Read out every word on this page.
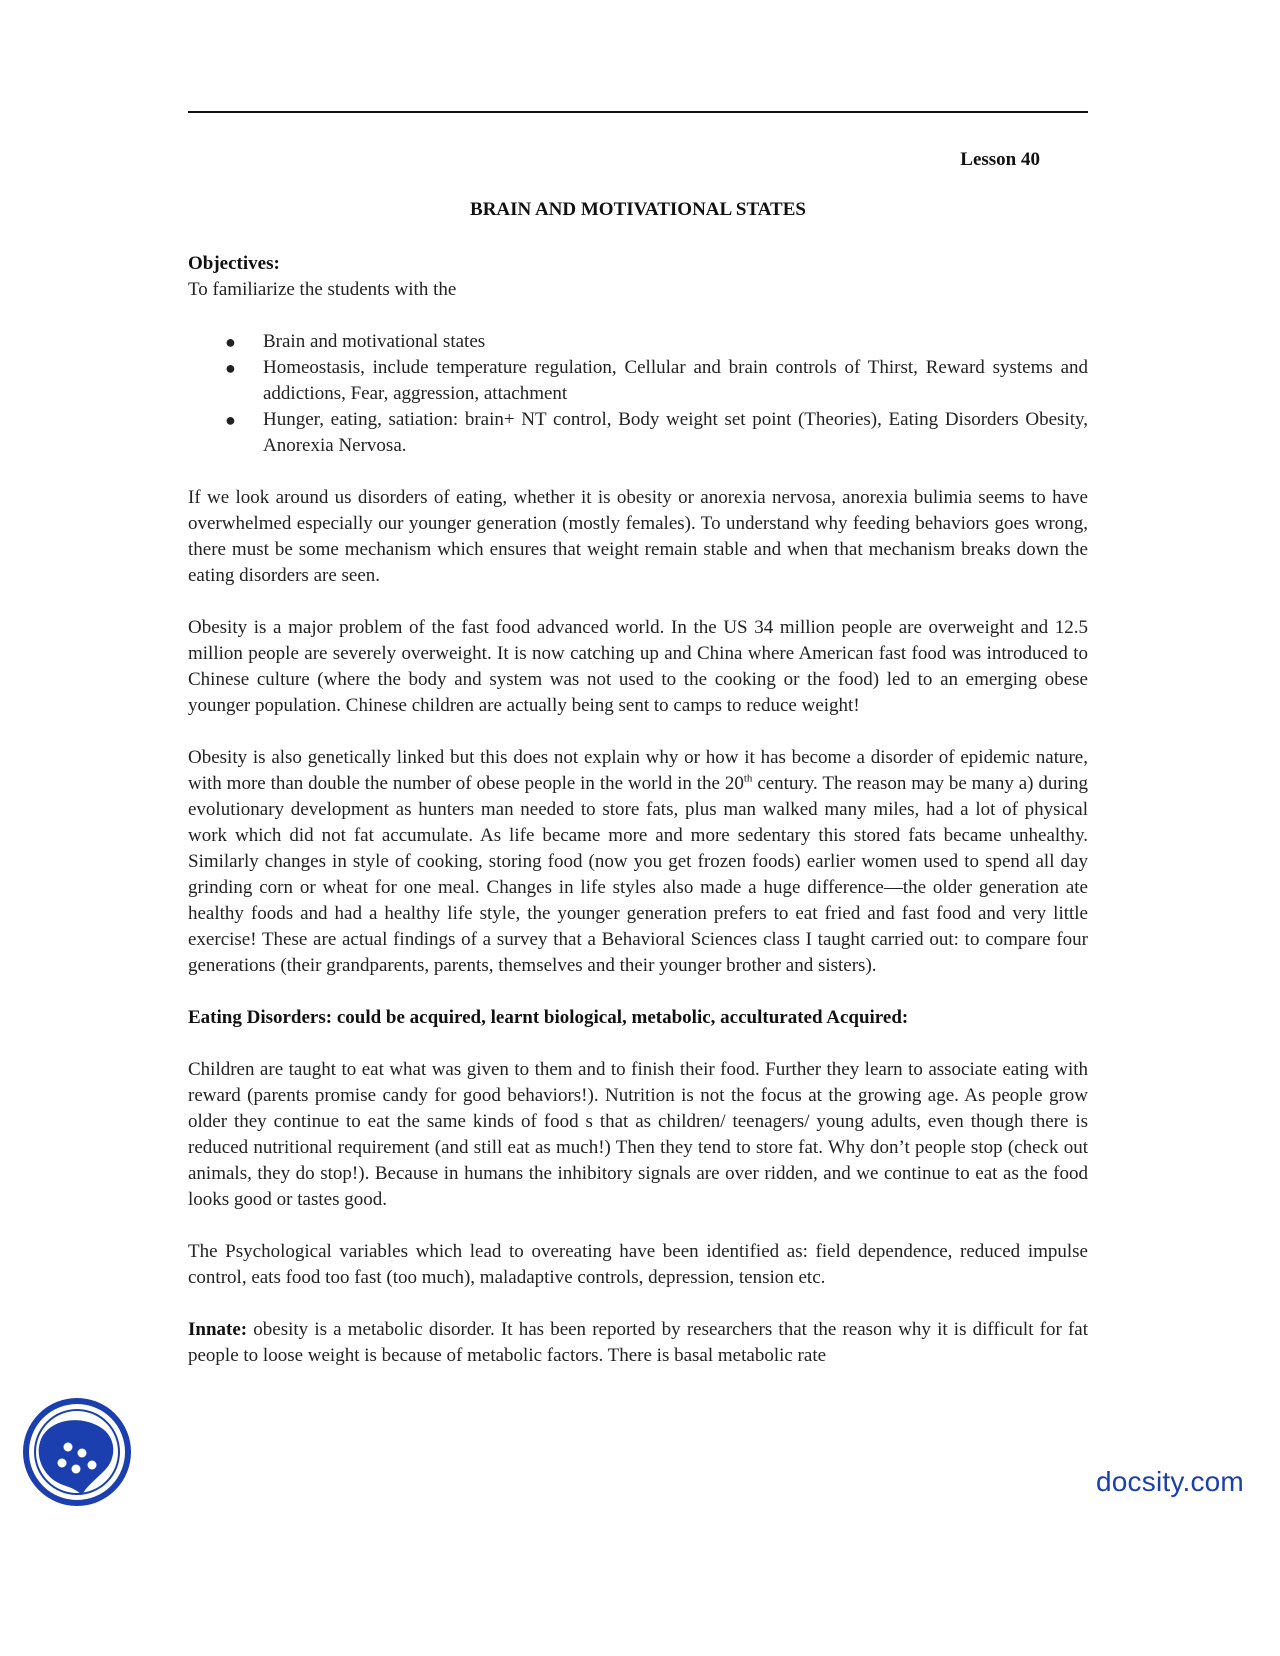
Lesson 40
BRAIN AND MOTIVATIONAL STATES
Objectives:

To familiarize the students with the

● Brain and motivational states
● Homeostasis, include temperature regulation, Cellular and brain controls of Thirst, Reward systems and addictions, Fear, aggression, attachment
● Hunger, eating, satiation: brain+ NT control, Body weight set point (Theories), Eating Disorders Obesity, Anorexia Nervosa.

If we look around us disorders of eating, whether it is obesity or anorexia nervosa, anorexia bulimia seems to have overwhelmed especially our younger generation (mostly females). To understand why feeding behaviors goes wrong, there must be some mechanism which ensures that weight remain stable and when that mechanism breaks down the eating disorders are seen.

Obesity is a major problem of the fast food advanced world. In the US 34 million people are overweight and 12.5 million people are severely overweight. It is now catching up and China where American fast food was introduced to Chinese culture (where the body and system was not used to the cooking or the food) led to an emerging obese younger population. Chinese children are actually being sent to camps to reduce weight!

Obesity is also genetically linked but this does not explain why or how it has become a disorder of epidemic nature, with more than double the number of obese people in the world in the 20th century. The reason may be many a) during evolutionary development as hunters man needed to store fats, plus man walked many miles, had a lot of physical work which did not fat accumulate. As life became more and more sedentary this stored fats became unhealthy. Similarly changes in style of cooking, storing food (now you get frozen foods) earlier women used to spend all day grinding corn or wheat for one meal. Changes in life styles also made a huge difference—the older generation ate healthy foods and had a healthy life style, the younger generation prefers to eat fried and fast food and very little exercise! These are actual findings of a survey that a Behavioral Sciences class I taught carried out: to compare four generations (their grandparents, parents, themselves and their younger brother and sisters).

Eating Disorders: could be acquired, learnt biological, metabolic, acculturated Acquired:

Children are taught to eat what was given to them and to finish their food. Further they learn to associate eating with reward (parents promise candy for good behaviors!). Nutrition is not the focus at the growing age. As people grow older they continue to eat the same kinds of food s that as children/ teenagers/ young adults, even though there is reduced nutritional requirement (and still eat as much!) Then they tend to store fat. Why don’t people stop (check out animals, they do stop!). Because in humans the inhibitory signals are over ridden, and we continue to eat as the food looks good or tastes good.

The Psychological variables which lead to overeating have been identified as: field dependence, reduced impulse control, eats food too fast (too much), maladaptive controls, depression, tension etc.

Innate: obesity is a metabolic disorder. It has been reported by researchers that the reason why it is difficult for fat people to loose weight is because of metabolic factors. There is basal metabolic rate

docsity.com
